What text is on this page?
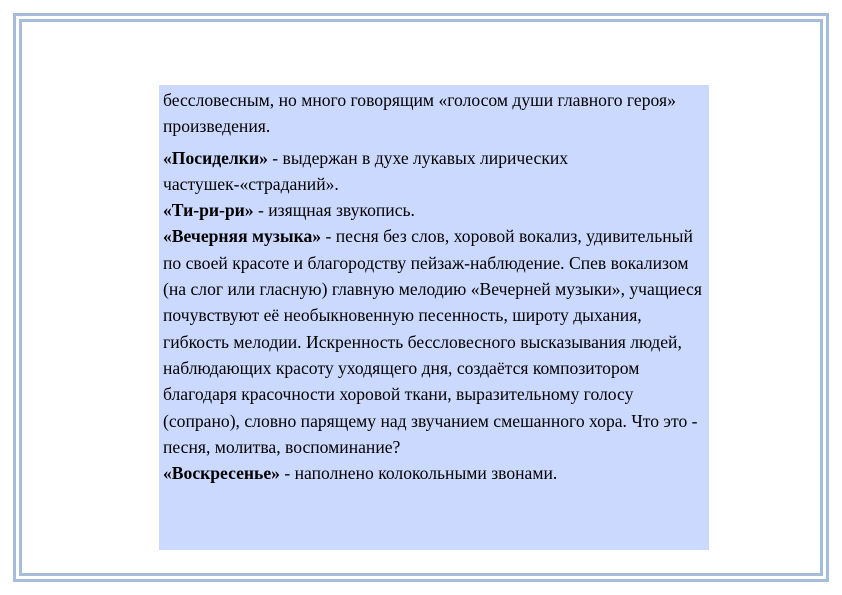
бессловесным, но много говорящим «голосом души главного героя» произведения.

«Посиделки» - выдержан в духе лукавых лирических частушек-«страданий».

«Ти-ри-ри» - изящная звукопись.

«Вечерняя музыка» - песня без слов, хоровой вокализ, удивительный по своей красоте и благородству пейзаж-наблюдение. Спев вокализом (на слог или гласную) главную мелодию «Вечерней музыки», учащиеся почувствуют её необыкновенную песенность, широту дыхания, гибкость мелодии. Искренность бессловесного высказывания людей, наблюдающих красоту уходящего дня, создаётся композитором благодаря красочности хоровой ткани, выразительному голосу (сопрано), словно парящему над звучанием смешанного хора. Что это - песня, молитва, воспоминание?

«Воскресенье» - наполнено колокольными звонами.
